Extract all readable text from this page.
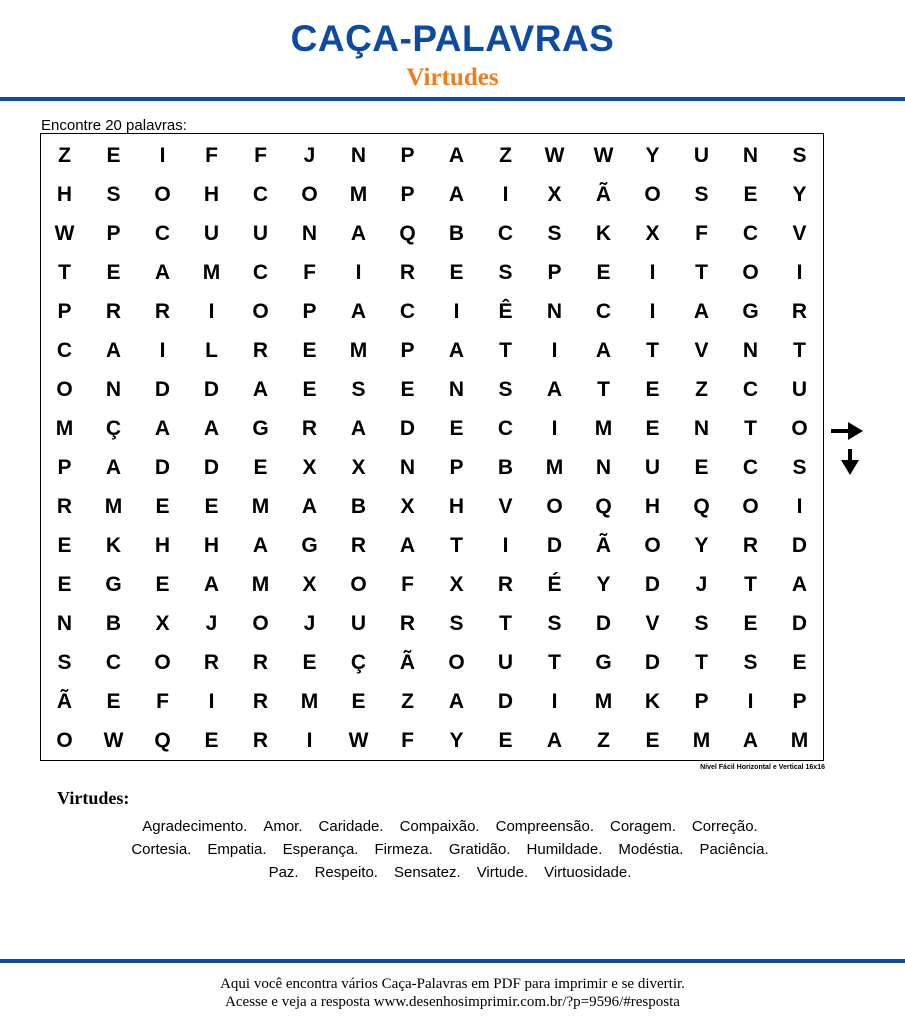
CAÇA-PALAVRAS
Virtudes
Encontre 20 palavras:
Z	E	I	F	F	J	N	P	A	Z	W	W	Y	U	N	S
H	S	O	H	C	O	M	P	A	I	X	Ã	O	S	E	Y
W	P	C	U	U	N	A	Q	B	C	S	K	X	F	C	V
T	E	A	M	C	F	I	R	E	S	P	E	I	T	O	I
P	R	R	I	O	P	A	C	I	Ê	N	C	I	A	G	R
C	A	I	L	R	E	M	P	A	T	I	A	T	V	N	T
O	N	D	D	A	E	S	E	N	S	A	T	E	Z	C	U
M	Ç	A	A	G	R	A	D	E	C	I	M	E	N	T	O
P	A	D	D	E	X	X	N	P	B	M	N	U	E	C	S
R	M	E	E	M	A	B	X	H	V	O	Q	H	Q	O	I
E	K	H	H	A	G	R	A	T	I	D	Ã	O	Y	R	D
E	G	E	A	M	X	O	F	X	R	É	Y	D	J	T	A
N	B	X	J	O	J	U	R	S	T	S	D	V	S	E	D
S	C	O	R	R	E	Ç	Ã	O	U	T	G	D	T	S	E
Ã	E	F	I	R	M	E	Z	A	D	I	M	K	P	I	P
O	W	Q	E	R	I	W	F	Y	E	A	Z	E	M	A	M
Nível Fácil Horizontal e Vertical 16x16
Virtudes:
Agradecimento. Amor. Caridade. Compaixão. Compreensão. Coragem. Correção.
Cortesia. Empatia. Esperança. Firmeza. Gratidão. Humildade. Modéstia. Paciência.
Paz. Respeito. Sensatez. Virtude. Virtuosidade.
Aqui você encontra vários Caça-Palavras em PDF para imprimir e se divertir.
Acesse e veja a resposta www.desenhosimprimir.com.br/?p=9596/#resposta
